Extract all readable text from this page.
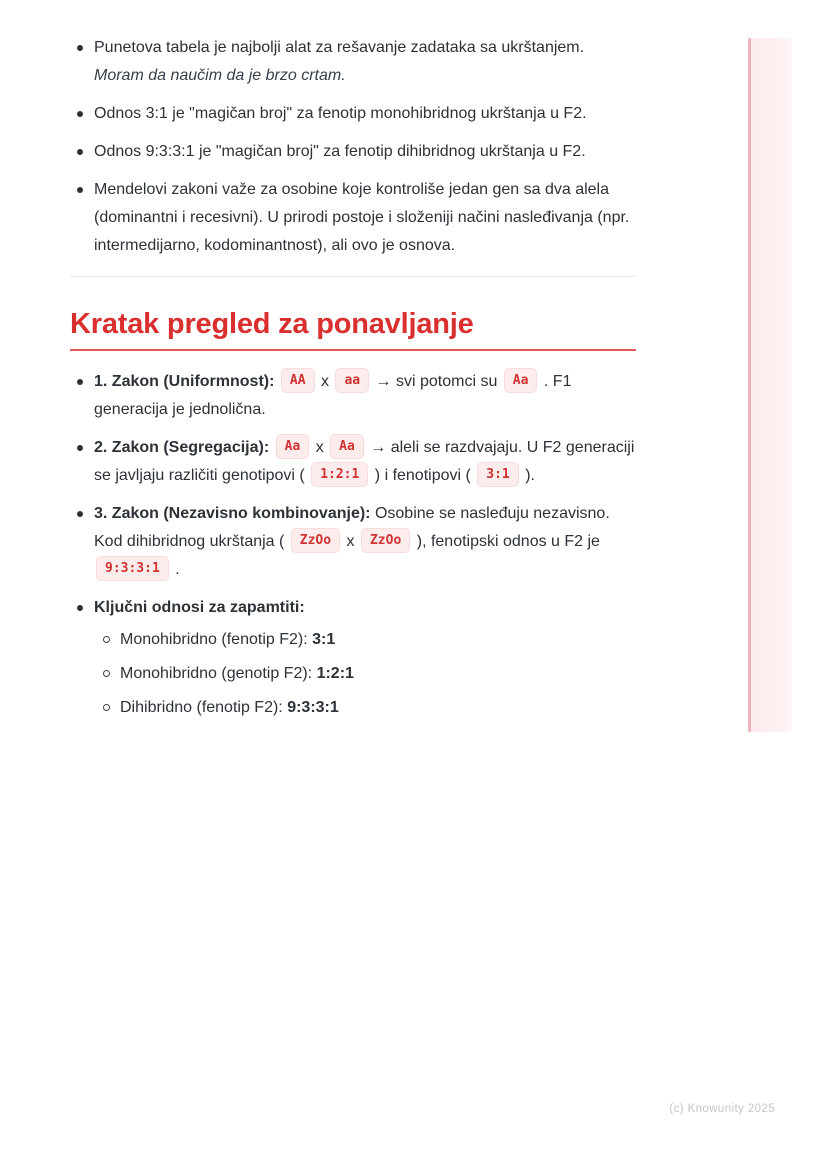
Punetova tabela je najbolji alat za rešavanje zadataka sa ukrštanjem.
Moram da naučim da je brzo crtam.
Odnos 3:1 je "magičan broj" za fenotip monohibridnog ukrštanja u F2.
Odnos 9:3:3:1 je "magičan broj" za fenotip dihibridnog ukrštanja u F2.
Mendelovi zakoni važe za osobine koje kontroliše jedan gen sa dva alela (dominantni i recesivni). U prirodi postoje i složeniji načini nasleđivanja (npr. intermedijarno, kodominantnost), ali ovo je osnova.
Kratak pregled za ponavljanje
1. Zakon (Uniformnost): AA x aa → svi potomci su Aa . F1 generacija je jednolična.
2. Zakon (Segregacija): Aa x Aa → aleli se razdvajaju. U F2 generaciji se javljaju različiti genotipovi ( 1:2:1 ) i fenotipovi ( 3:1 ).
3. Zakon (Nezavisno kombinovanje): Osobine se nasleđuju nezavisno. Kod dihibridnog ukrštanja ( ZzOo x ZzOo ), fenotipski odnos u F2 je 9:3:3:1 .
Ključni odnosi za zapamtiti:
Monohibridno (fenotip F2): 3:1
Monohibridno (genotip F2): 1:2:1
Dihibridno (fenotip F2): 9:3:3:1
(c) Knowunity 2025
